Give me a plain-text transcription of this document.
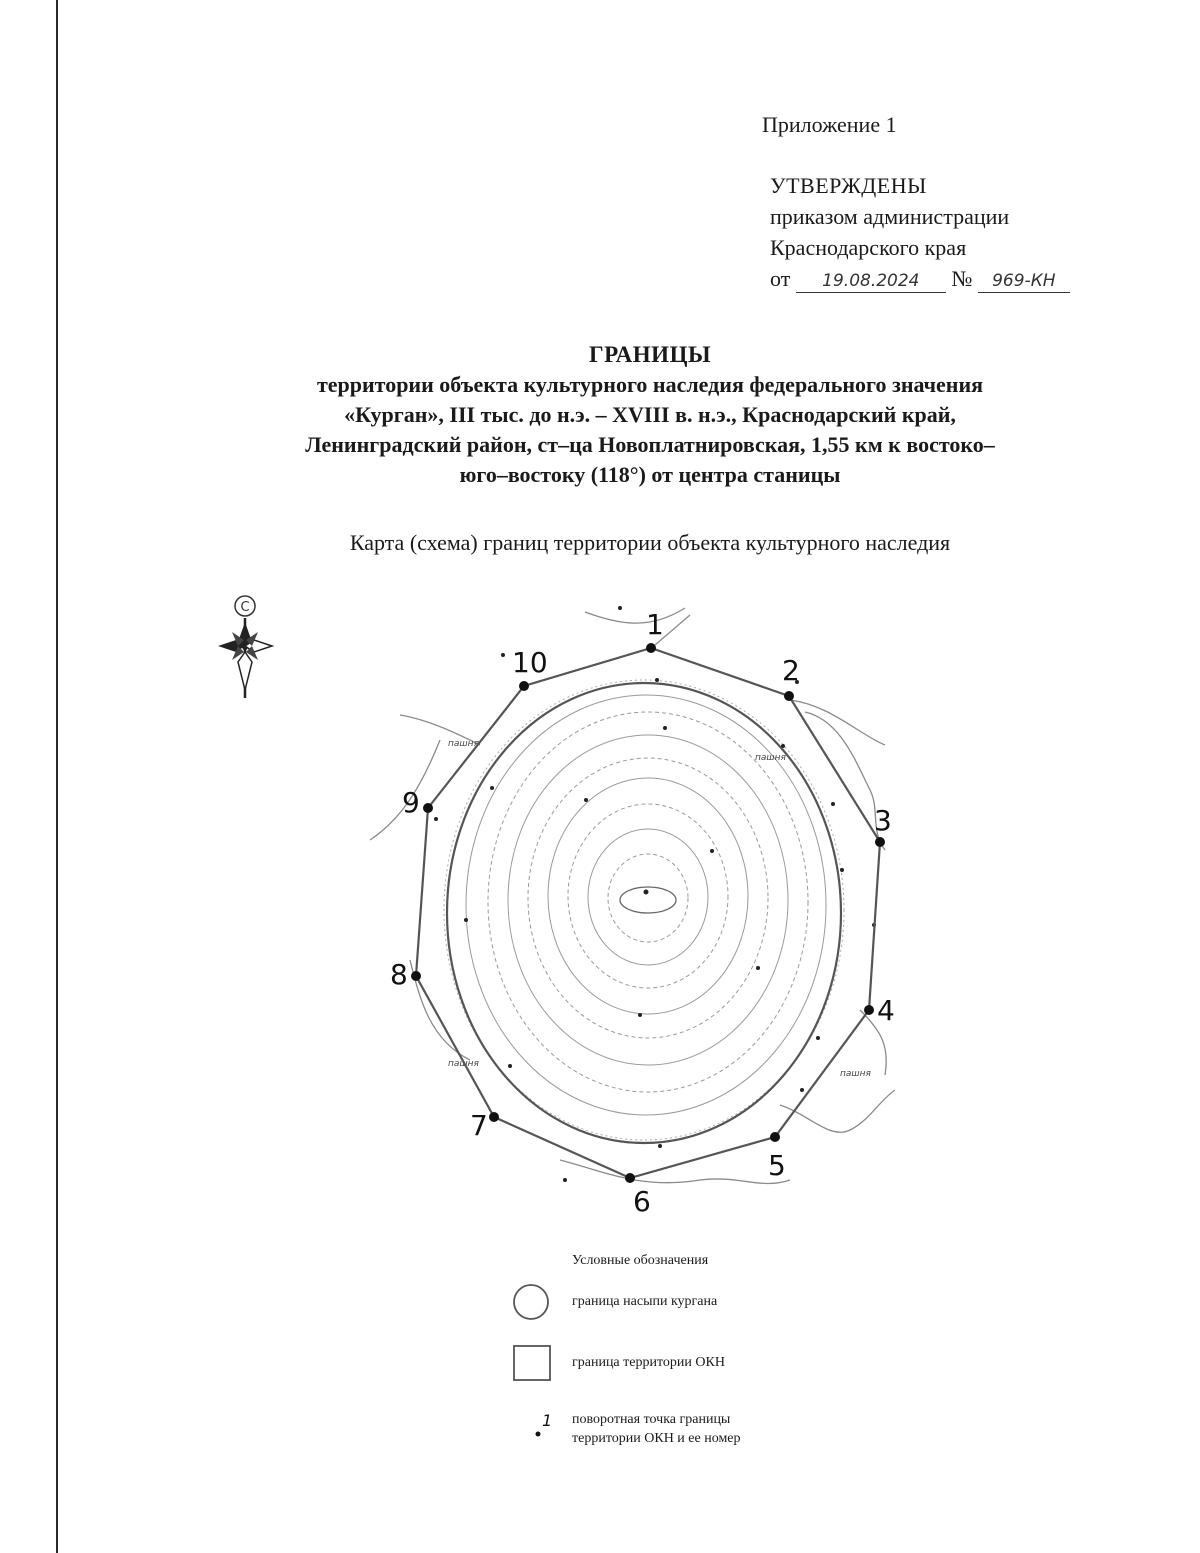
Приложение 1
УТВЕРЖДЕНЫ
приказом администрации
Краснодарского края
от 19.08.2024 № 969-КН
ГРАНИЦЫ
территории объекта культурного наследия федерального значения
«Курган», III тыс. до н.э. – XVIII в. н.э., Краснодарский край,
Ленинградский район, ст–ца Новоплатнировская, 1,55 км к востоко–
юго–востоку (118°) от центра станицы
Карта (схема) границ территории объекта культурного наследия
С
пашня
пашня
пашня
пашня
1
2
3
4
5
6
7
8
9
10
1
Условные обозначения
граница насыпи кургана
граница территории ОКН
поворотная точка границы
территории ОКН и ее номер
